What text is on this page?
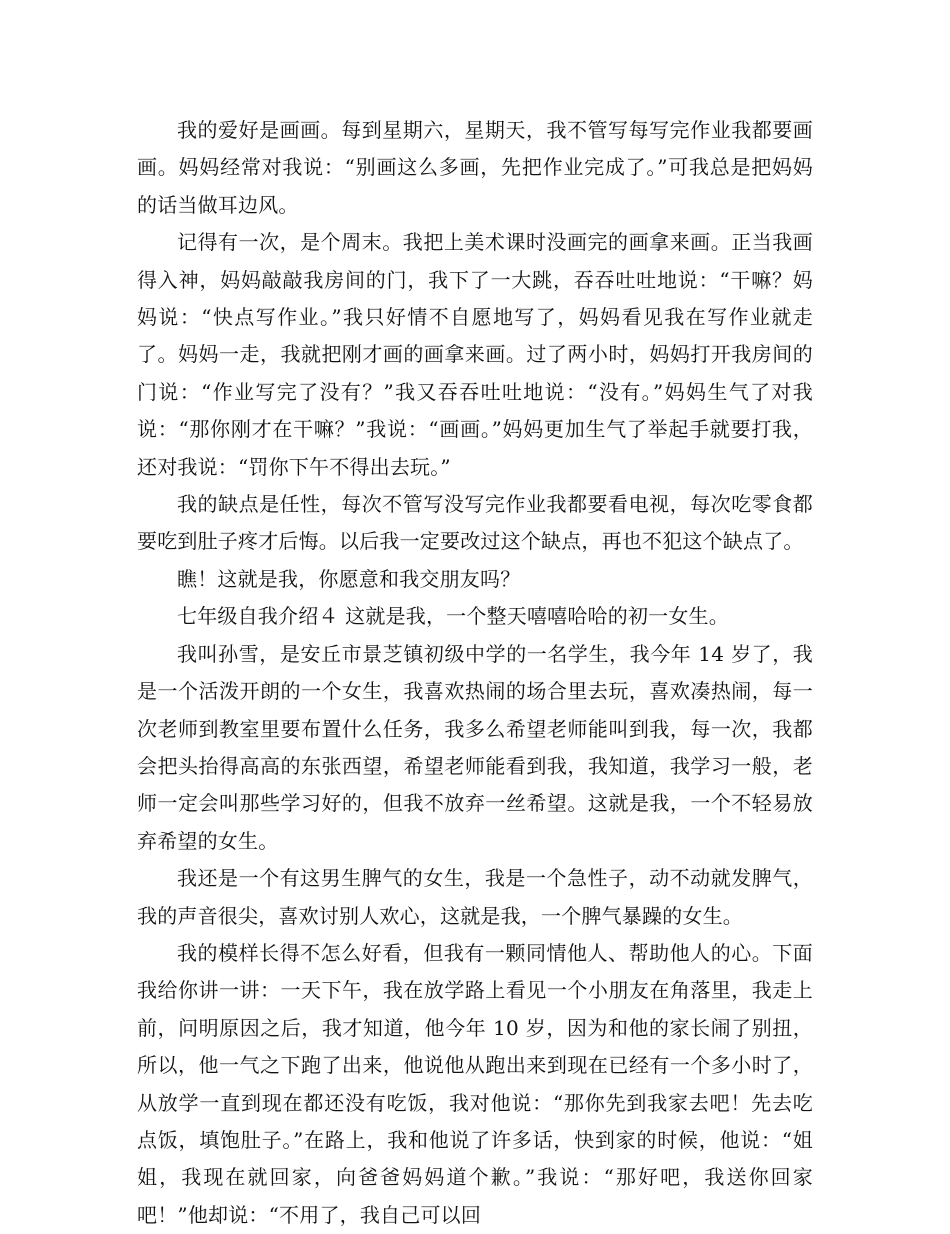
我的爱好是画画。每到星期六，星期天，我不管写每写完作业我都要画画。妈妈经常对我说：“别画这么多画，先把作业完成了。”可我总是把妈妈的话当做耳边风。

记得有一次，是个周末。我把上美术课时没画完的画拿来画。正当我画得入神，妈妈敲敲我房间的门，我下了一大跳，吞吞吐吐地说：“干嘛？妈妈说：“快点写作业。”我只好情不自愿地写了，妈妈看见我在写作业就走了。妈妈一走，我就把刚才画的画拿来画。过了两小时，妈妈打开我房间的门说：“作业写完了没有？”我又吞吞吐吐地说：“没有。”妈妈生气了对我说：“那你刚才在干嘛？”我说：“画画。”妈妈更加生气了举起手就要打我，还对我说：“罚你下午不得出去玩。”

我的缺点是任性，每次不管写没写完作业我都要看电视，每次吃零食都要吃到肚子疼才后悔。以后我一定要改过这个缺点，再也不犯这个缺点了。

瞧！这就是我，你愿意和我交朋友吗？

七年级自我介绍４ 这就是我，一个整天嘻嘻哈哈的初一女生。

我叫孙雪，是安丘市景芝镇初级中学的一名学生，我今年 14 岁了，我是一个活泼开朗的一个女生，我喜欢热闹的场合里去玩，喜欢凑热闹，每一次老师到教室里要布置什么任务，我多么希望老师能叫到我，每一次，我都会把头抬得高高的东张西望，希望老师能看到我，我知道，我学习一般，老师一定会叫那些学习好的，但我不放弃一丝希望。这就是我，一个不轻易放弃希望的女生。

我还是一个有这男生脾气的女生，我是一个急性子，动不动就发脾气，我的声音很尖，喜欢讨别人欢心，这就是我，一个脾气暴躁的女生。

我的模样长得不怎么好看，但我有一颗同情他人、帮助他人的心。下面我给你讲一讲：一天下午，我在放学路上看见一个小朋友在角落里，我走上前，问明原因之后，我才知道，他今年 10 岁，因为和他的家长闹了别扭，所以，他一气之下跑了出来，他说他从跑出来到现在已经有一个多小时了，从放学一直到现在都还没有吃饭，我对他说：“那你先到我家去吧！先去吃点饭，填饱肚子。”在路上，我和他说了许多话，快到家的时候，他说：“姐姐，我现在就回家，向爸爸妈妈道个歉。”我说：“那好吧，我送你回家吧！”他却说：“不用了，我自己可以回
